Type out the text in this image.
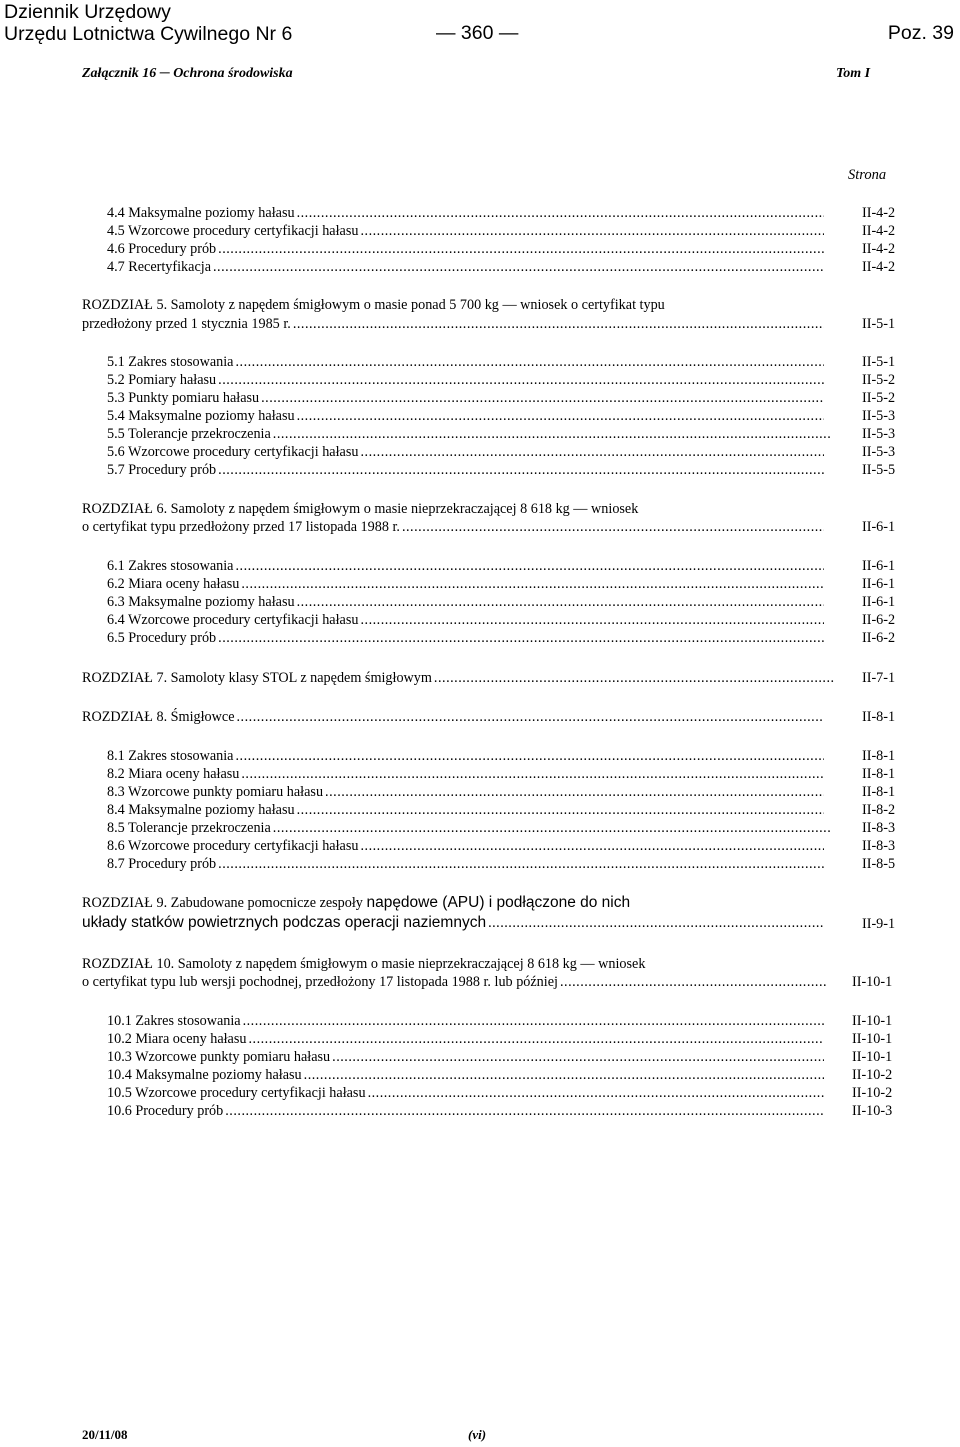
Dziennik Urzędowy
Urzędu Lotnictwa Cywilnego Nr 6	— 360 —	Poz. 39
Załącznik 16 ─ Ochrona środowiska	Tom I
Strona
4.4 Maksymalne poziomy hałasu .....	II-4-2
4.5 Wzorcowe procedury certyfikacji hałasu .....	II-4-2
4.6 Procedury prób .....	II-4-2
4.7 Recertyfikacja .....	II-4-2
ROZDZIAŁ 5. Samoloty z napędem śmigłowym o masie ponad 5 700 kg — wniosek o certyfikat typu
przedłożony przed 1 stycznia 1985 r. .....	II-5-1
5.1 Zakres stosowania .....	II-5-1
5.2 Pomiary hałasu .....	II-5-2
5.3 Punkty pomiaru hałasu .....	II-5-2
5.4 Maksymalne poziomy hałasu .....	II-5-3
5.5 Tolerancje przekroczenia .....	II-5-3
5.6 Wzorcowe procedury certyfikacji hałasu .....	II-5-3
5.7 Procedury prób .....	II-5-5
ROZDZIAŁ 6. Samoloty z napędem śmigłowym o masie nieprzekraczającej 8 618 kg — wniosek
o certyfikat typu przedłożony przed 17 listopada 1988 r. .....	II-6-1
6.1 Zakres stosowania .....	II-6-1
6.2 Miara oceny hałasu .....	II-6-1
6.3 Maksymalne poziomy hałasu .....	II-6-1
6.4 Wzorcowe procedury certyfikacji hałasu .....	II-6-2
6.5 Procedury prób .....	II-6-2
ROZDZIAŁ 7. Samoloty klasy STOL z napędem śmigłowym .....	II-7-1
ROZDZIAŁ 8. Śmigłowce .....	II-8-1
8.1 Zakres stosowania .....	II-8-1
8.2 Miara oceny hałasu .....	II-8-1
8.3 Wzorcowe punkty pomiaru hałasu .....	II-8-1
8.4 Maksymalne poziomy hałasu .....	II-8-2
8.5 Tolerancje przekroczenia .....	II-8-3
8.6 Wzorcowe procedury certyfikacji hałasu .....	II-8-3
8.7 Procedury prób .....	II-8-5
ROZDZIAŁ 9. Zabudowane pomocnicze zespoły napędowe (APU) i podłączone do nich
układy statków powietrznych podczas operacji naziemnych .....	II-9-1
ROZDZIAŁ 10. Samoloty z napędem śmigłowym o masie nieprzekraczającej 8 618 kg — wniosek
o certyfikat typu lub wersji pochodnej, przedłożony 17 listopada 1988 r. lub później .....	II-10-1
10.1 Zakres stosowania .....	II-10-1
10.2 Miara oceny hałasu .....	II-10-1
10.3 Wzorcowe punkty pomiaru hałasu .....	II-10-1
10.4 Maksymalne poziomy hałasu .....	II-10-2
10.5 Wzorcowe procedury certyfikacji hałasu .....	II-10-2
10.6 Procedury prób .....	II-10-3
20/11/08	(vi)
